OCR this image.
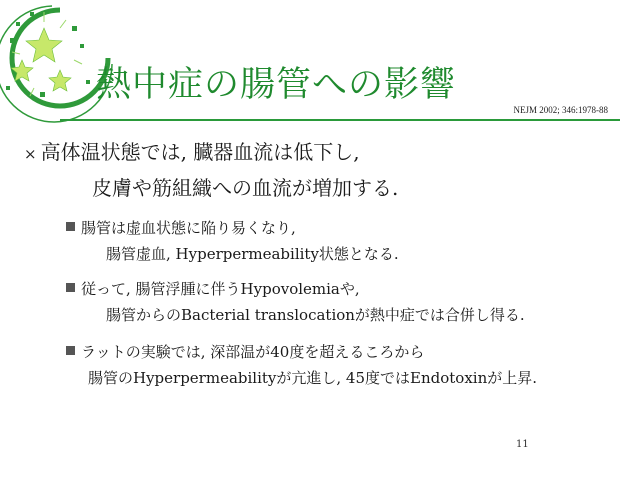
熱中症の腸管への影響
NEJM 2002; 346:1978-88
× 高体温状態では, 臓器血流は低下し,
皮膚や筋組織への血流が増加する.
腸管は虚血状態に陥り易くなり,
腸管虚血, Hyperpermeability状態となる.
従って, 腸管浮腫に伴うHypovolemiaや,
腸管からのBacterial translocationが熱中症では合併し得る.
ラットの実験では, 深部温が40度を超えるころから
腸管のHyperpermeabilityが亢進し, 45度ではEndotoxinが上昇.
11
